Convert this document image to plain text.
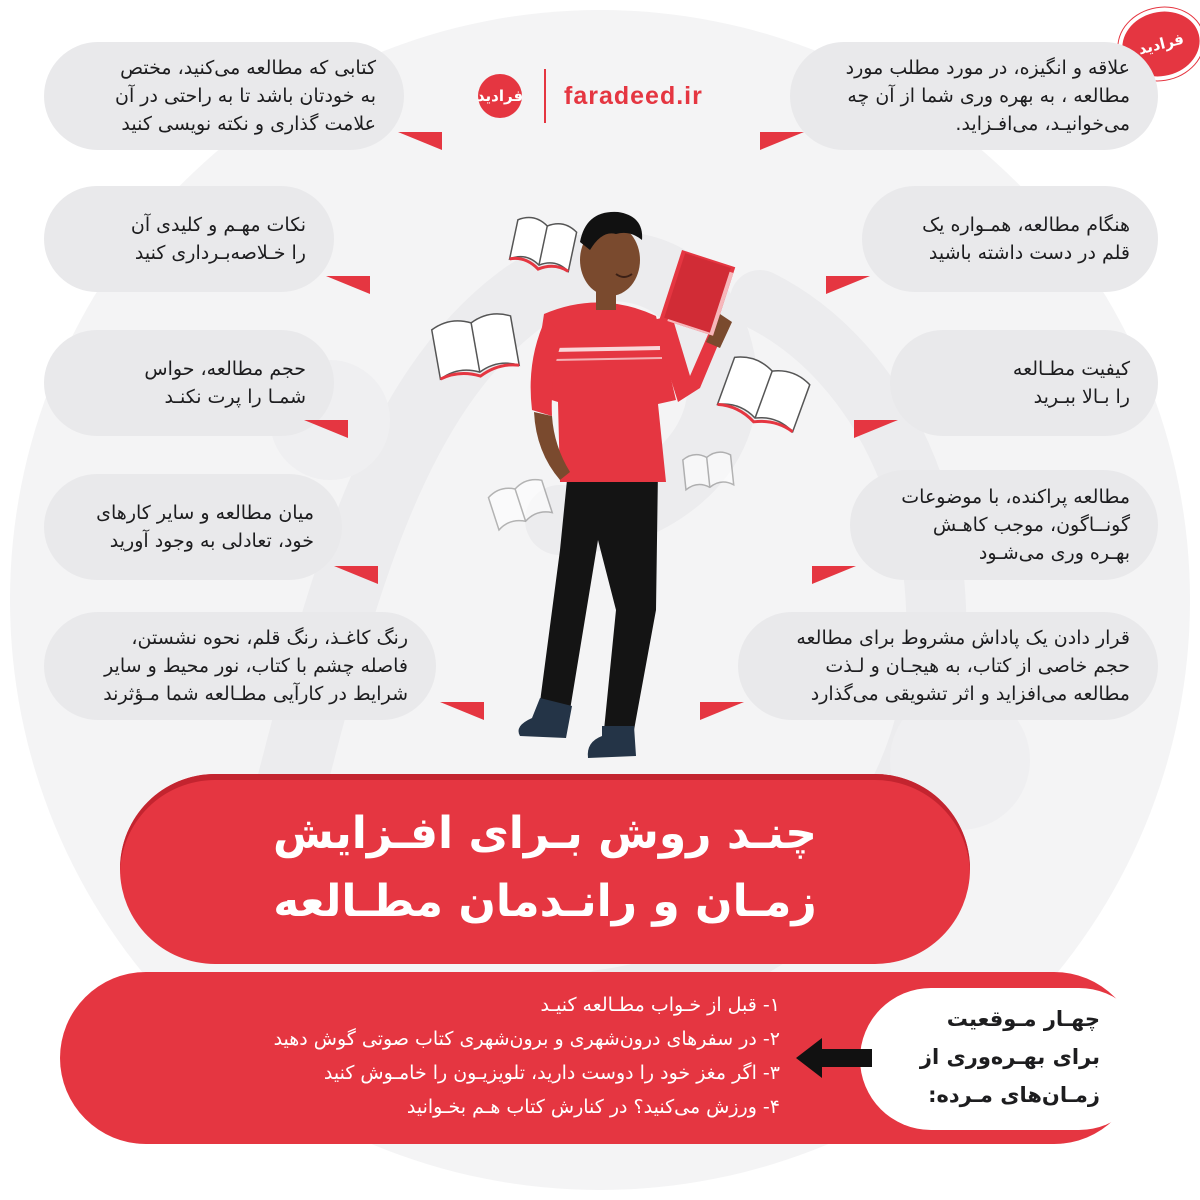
فرادید
فرادید faradeed.ir
کتابی که مطالعه می‌کنید، مختص
به خودتان باشد تا به راحتی در آن
علامت گذاری و نکته نویسی کنید
نکات مهـم و کلیدی آن
را خـلاصه‌بـرداری کنید
حجم مطالعه، حواس
شمـا را پرت نکنـد
میان مطالعه و سایر کارهای
خود، تعادلی به وجود آورید
رنگ کاغـذ، رنگ قلم، نحوه نشستن،
فاصله چشم با کتاب، نور محیط و سایر
شرایط در کارآیی مطـالعه شما مـؤثرند
علاقه و انگیزه، در مورد مطلب مورد
مطالعه ، به بهره وری شما از آن چه
می‌خوانیـد، می‌افـزاید.
هنگام مطالعه، همـواره یک
قلم در دست داشته باشید
کیفیت مطـالعه
را بـالا ببـرید
مطالعه پراکنده، با موضوعات
گونــاگون، موجب کاهـش
بهـره وری می‌شـود
قرار دادن یک پاداش مشروط برای مطالعه
حجم خاصی از کتاب، به هیجـان و لـذت
مطالعه می‌افزاید و اثر تشویقی می‌گذارد
چنـد روش بـرای افـزایش
زمـان و رانـدمان مطـالعه
چهـار مـوقعیت
برای بهـره‌وری از
زمـان‌های مـرده:
۱- قبل از خـواب مطـالعه کنیـد
۲- در سفرهای درون‌شهری و برون‌شهری کتاب صوتی گوش دهید
۳- اگر مغز خود را دوست دارید، تلویزیـون را خامـوش کنید
۴- ورزش می‌کنید؟ در کنارش کتاب هـم بخـوانید
